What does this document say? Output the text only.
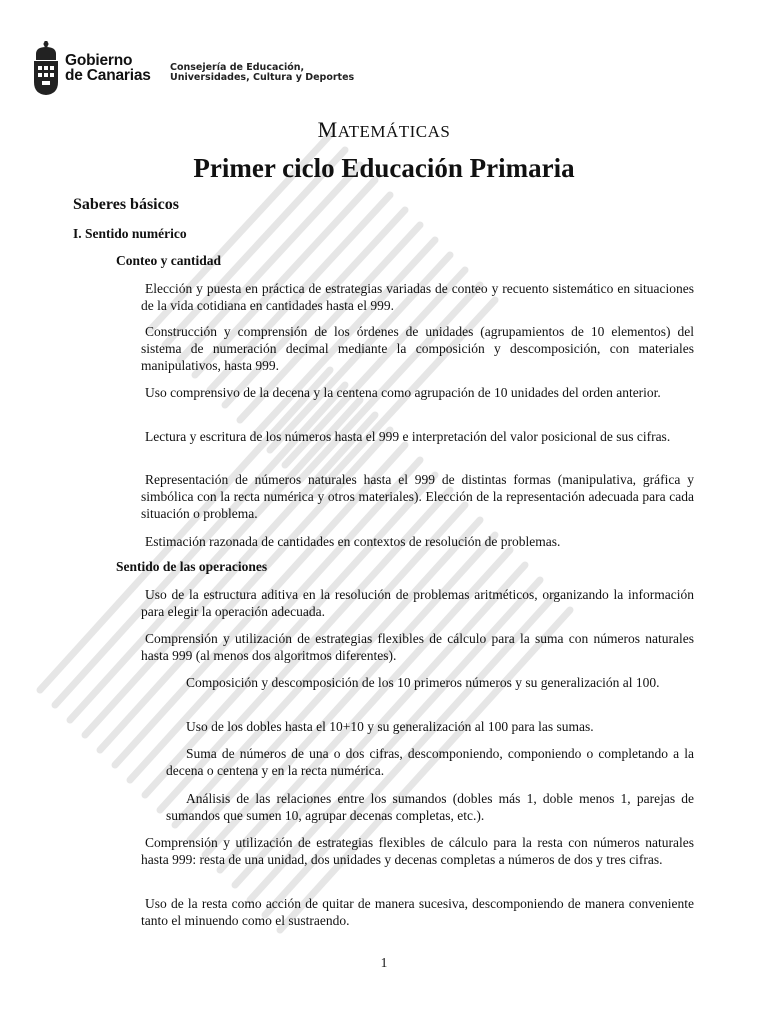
Gobierno
de Canarias Consejería de Educación,
Universidades, Cultura y Deportes
MATEMÁTICAS
Primer ciclo Educación Primaria
Saberes básicos
I. Sentido numérico
Conteo y cantidad
Elección y puesta en práctica de estrategias variadas de conteo y recuento sistemático en situaciones de la vida cotidiana en cantidades hasta el 999.
Construcción y comprensión de los órdenes de unidades (agrupamientos de 10 elementos) del sistema de numeración decimal mediante la composición y descomposición, con materiales manipulativos, hasta 999.
Uso comprensivo de la decena y la centena como agrupación de 10 unidades del orden anterior.
Lectura y escritura de los números hasta el 999 e interpretación del valor posicional de sus cifras.
Representación de números naturales hasta el 999 de distintas formas (manipulativa, gráfica y simbólica con la recta numérica y otros materiales). Elección de la representación adecuada para cada situación o problema.
Estimación razonada de cantidades en contextos de resolución de problemas.
Sentido de las operaciones
Uso de la estructura aditiva en la resolución de problemas aritméticos, organizando la información para elegir la operación adecuada.
Comprensión y utilización de estrategias flexibles de cálculo para la suma con números naturales hasta 999 (al menos dos algoritmos diferentes).
Composición y descomposición de los 10 primeros números y su generalización al 100.
Uso de los dobles hasta el 10+10 y su generalización al 100 para las sumas.
Suma de números de una o dos cifras, descomponiendo, componiendo o completando a la decena o centena y en la recta numérica.
Análisis de las relaciones entre los sumandos (dobles más 1, doble menos 1, parejas de sumandos que sumen 10, agrupar decenas completas, etc.).
Comprensión y utilización de estrategias flexibles de cálculo para la resta con números naturales hasta 999: resta de una unidad, dos unidades y decenas completas a números de dos y tres cifras.
Uso de la resta como acción de quitar de manera sucesiva, descomponiendo de manera conveniente tanto el minuendo como el sustraendo.
1
